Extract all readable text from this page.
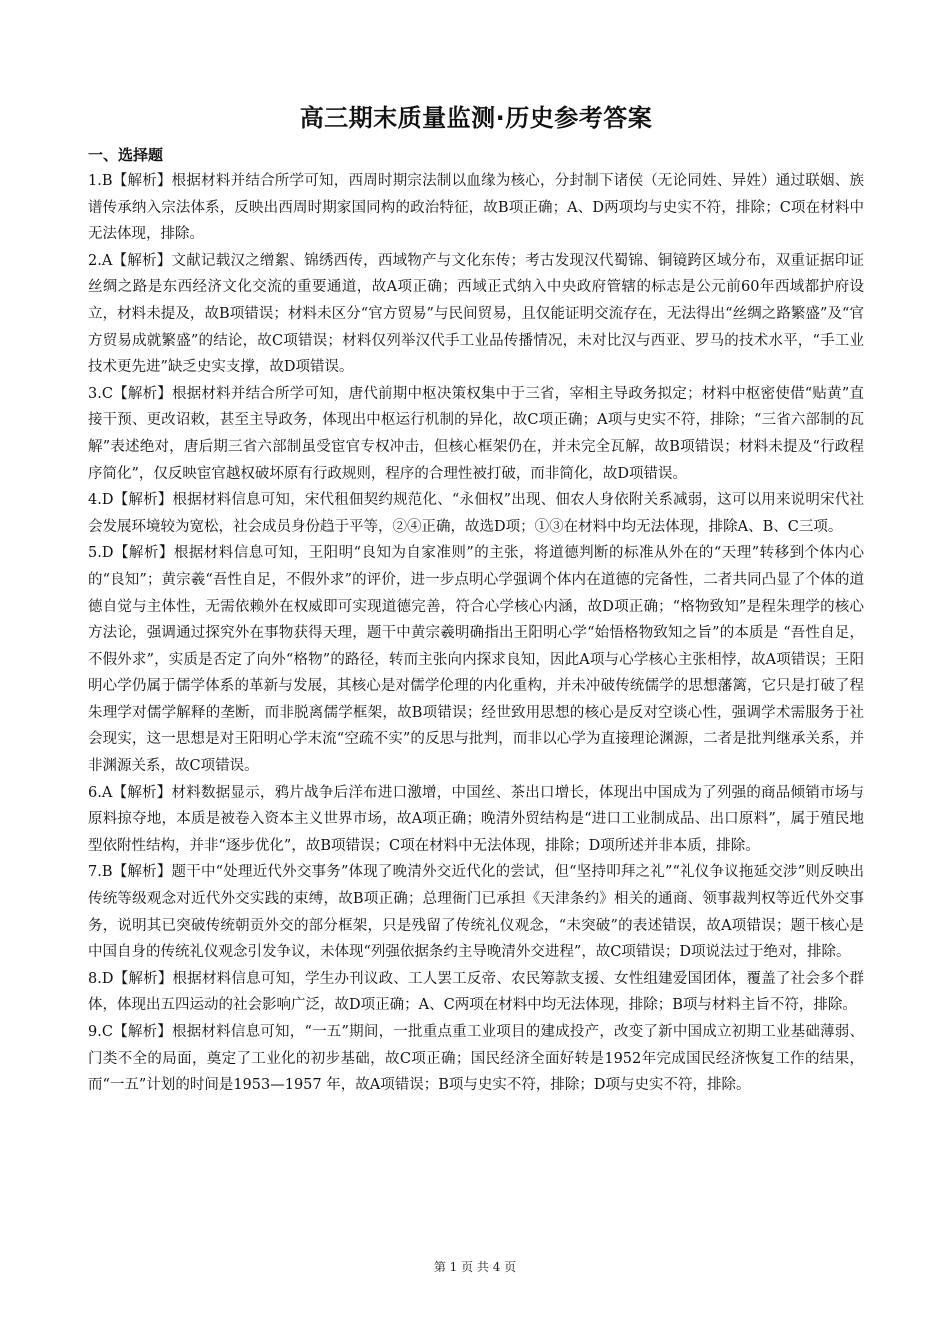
高三期末质量监测·历史参考答案
一、选择题

1.B【解析】根据材料并结合所学可知，西周时期宗法制以血缘为核心，分封制下诸侯（无论同姓、异姓）通过联姻、族谱传承纳入宗法体系，反映出西周时期家国同构的政治特征，故B项正确；A、D两项均与史实不符，排除；C项在材料中无法体现，排除。

2.A【解析】文献记载汉之缯絮、锦绣西传，西域物产与文化东传；考古发现汉代蜀锦、铜镜跨区域分布，双重证据印证丝绸之路是东西经济文化交流的重要通道，故A项正确；西域正式纳入中央政府管辖的标志是公元前60年西域都护府设立，材料未提及，故B项错误；材料未区分“官方贸易”与民间贸易，且仅能证明交流存在，无法得出“丝绸之路繁盛”及“官方贸易成就繁盛”的结论，故C项错误；材料仅列举汉代手工业品传播情况，未对比汉与西亚、罗马的技术水平，“手工业技术更先进”缺乏史实支撑，故D项错误。

3.C【解析】根据材料并结合所学可知，唐代前期中枢决策权集中于三省，宰相主导政务拟定；材料中枢密使借“贴黄”直接干预、更改诏敕，甚至主导政务，体现出中枢运行机制的异化，故C项正确；A项与史实不符，排除；“三省六部制的瓦解”表述绝对，唐后期三省六部制虽受宦官专权冲击，但核心框架仍在，并未完全瓦解，故B项错误；材料未提及“行政程序简化”，仅反映宦官越权破坏原有行政规则，程序的合理性被打破，而非简化，故D项错误。

4.D【解析】根据材料信息可知，宋代租佃契约规范化、“永佃权”出现、佃农人身依附关系减弱，这可以用来说明宋代社会发展环境较为宽松，社会成员身份趋于平等，②④正确，故选D项；①③在材料中均无法体现，排除A、B、C三项。

5.D【解析】根据材料信息可知，王阳明“良知为自家准则”的主张，将道德判断的标准从外在的“天理”转移到个体内心的“良知”；黄宗羲“吾性自足，不假外求”的评价，进一步点明心学强调个体内在道德的完备性，二者共同凸显了个体的道德自觉与主体性，无需依赖外在权威即可实现道德完善，符合心学核心内涵，故D项正确；“格物致知”是程朱理学的核心方法论，强调通过探究外在事物获得天理，题干中黄宗羲明确指出王阳明心学“始悟格物致知之旨”的本质是 “吾性自足，不假外求”，实质是否定了向外“格物”的路径，转而主张向内探求良知，因此A项与心学核心主张相悖，故A项错误；王阳明心学仍属于儒学体系的革新与发展，其核心是对儒学伦理的内化重构，并未冲破传统儒学的思想藩篱，它只是打破了程朱理学对儒学解释的垄断，而非脱离儒学框架，故B项错误；经世致用思想的核心是反对空谈心性，强调学术需服务于社会现实，这一思想是对王阳明心学末流“空疏不实”的反思与批判，而非以心学为直接理论渊源，二者是批判继承关系，并非渊源关系，故C项错误。

6.A【解析】材料数据显示，鸦片战争后洋布进口激增，中国丝、茶出口增长，体现出中国成为了列强的商品倾销市场与原料掠夺地，本质是被卷入资本主义世界市场，故A项正确；晚清外贸结构是“进口工业制成品、出口原料”，属于殖民地型依附性结构，并非“逐步优化”，故B项错误；C项在材料中无法体现，排除；D项所述并非本质，排除。

7.B【解析】题干中“处理近代外交事务”体现了晚清外交近代化的尝试，但“坚持叩拜之礼”“礼仪争议拖延交涉”则反映出传统等级观念对近代外交实践的束缚，故B项正确；总理衙门已承担《天津条约》相关的通商、领事裁判权等近代外交事务，说明其已突破传统朝贡外交的部分框架，只是残留了传统礼仪观念，“未突破”的表述错误，故A项错误；题干核心是中国自身的传统礼仪观念引发争议，未体现“列强依据条约主导晚清外交进程”，故C项错误；D项说法过于绝对，排除。

8.D【解析】根据材料信息可知，学生办刊议政、工人罢工反帝、农民筹款支援、女性组建爱国团体，覆盖了社会多个群体，体现出五四运动的社会影响广泛，故D项正确；A、C两项在材料中均无法体现，排除；B项与材料主旨不符，排除。

9.C【解析】根据材料信息可知，“一五”期间，一批重点重工业项目的建成投产，改变了新中国成立初期工业基础薄弱、门类不全的局面，奠定了工业化的初步基础，故C项正确；国民经济全面好转是1952年完成国民经济恢复工作的结果，而“一五”计划的时间是1953—1957 年，故A项错误；B项与史实不符，排除；D项与史实不符，排除。

第 1 页 共 4 页
